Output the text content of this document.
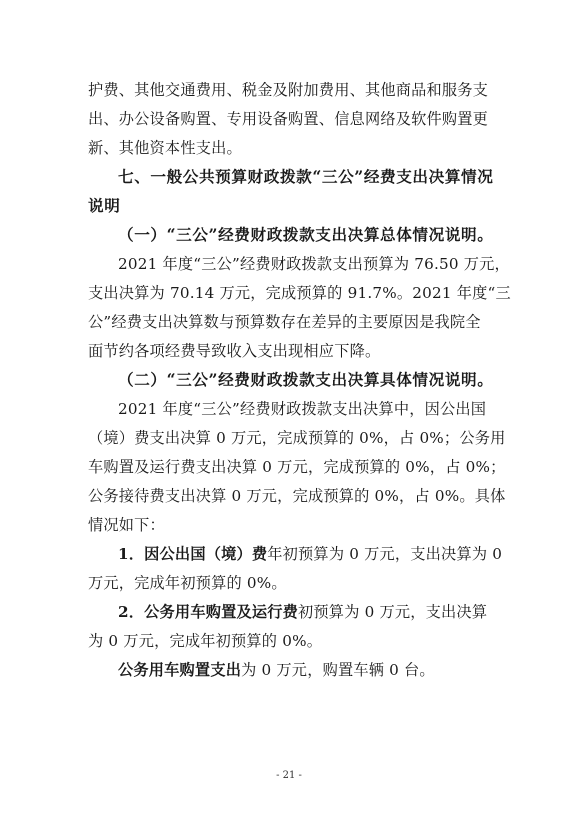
护费、其他交通费用、税金及附加费用、其他商品和服务支
出、办公设备购置、专用设备购置、信息网络及软件购置更
新、其他资本性支出。
七、一般公共预算财政拨款“三公”经费支出决算情况
说明
（一）“三公”经费财政拨款支出决算总体情况说明。
2021 年度“三公”经费财政拨款支出预算为 76.50 万元，
支出决算为 70.14 万元，完成预算的 91.7%。2021 年度“三
公”经费支出决算数与预算数存在差异的主要原因是我院全
面节约各项经费导致收入支出现相应下降。
（二）“三公”经费财政拨款支出决算具体情况说明。
2021 年度“三公”经费财政拨款支出决算中，因公出国
（境）费支出决算 0 万元，完成预算的 0%，占 0%；公务用
车购置及运行费支出决算 0 万元，完成预算的 0%，占 0%；
公务接待费支出决算 0 万元，完成预算的 0%，占 0%。具体
情况如下：
1．因公出国（境）费年初预算为 0 万元，支出决算为 0
万元，完成年初预算的 0%。
2．公务用车购置及运行费初预算为 0 万元，支出决算
为 0 万元，完成年初预算的 0%。
公务用车购置支出为 0 万元，购置车辆 0 台。
- 21 -
